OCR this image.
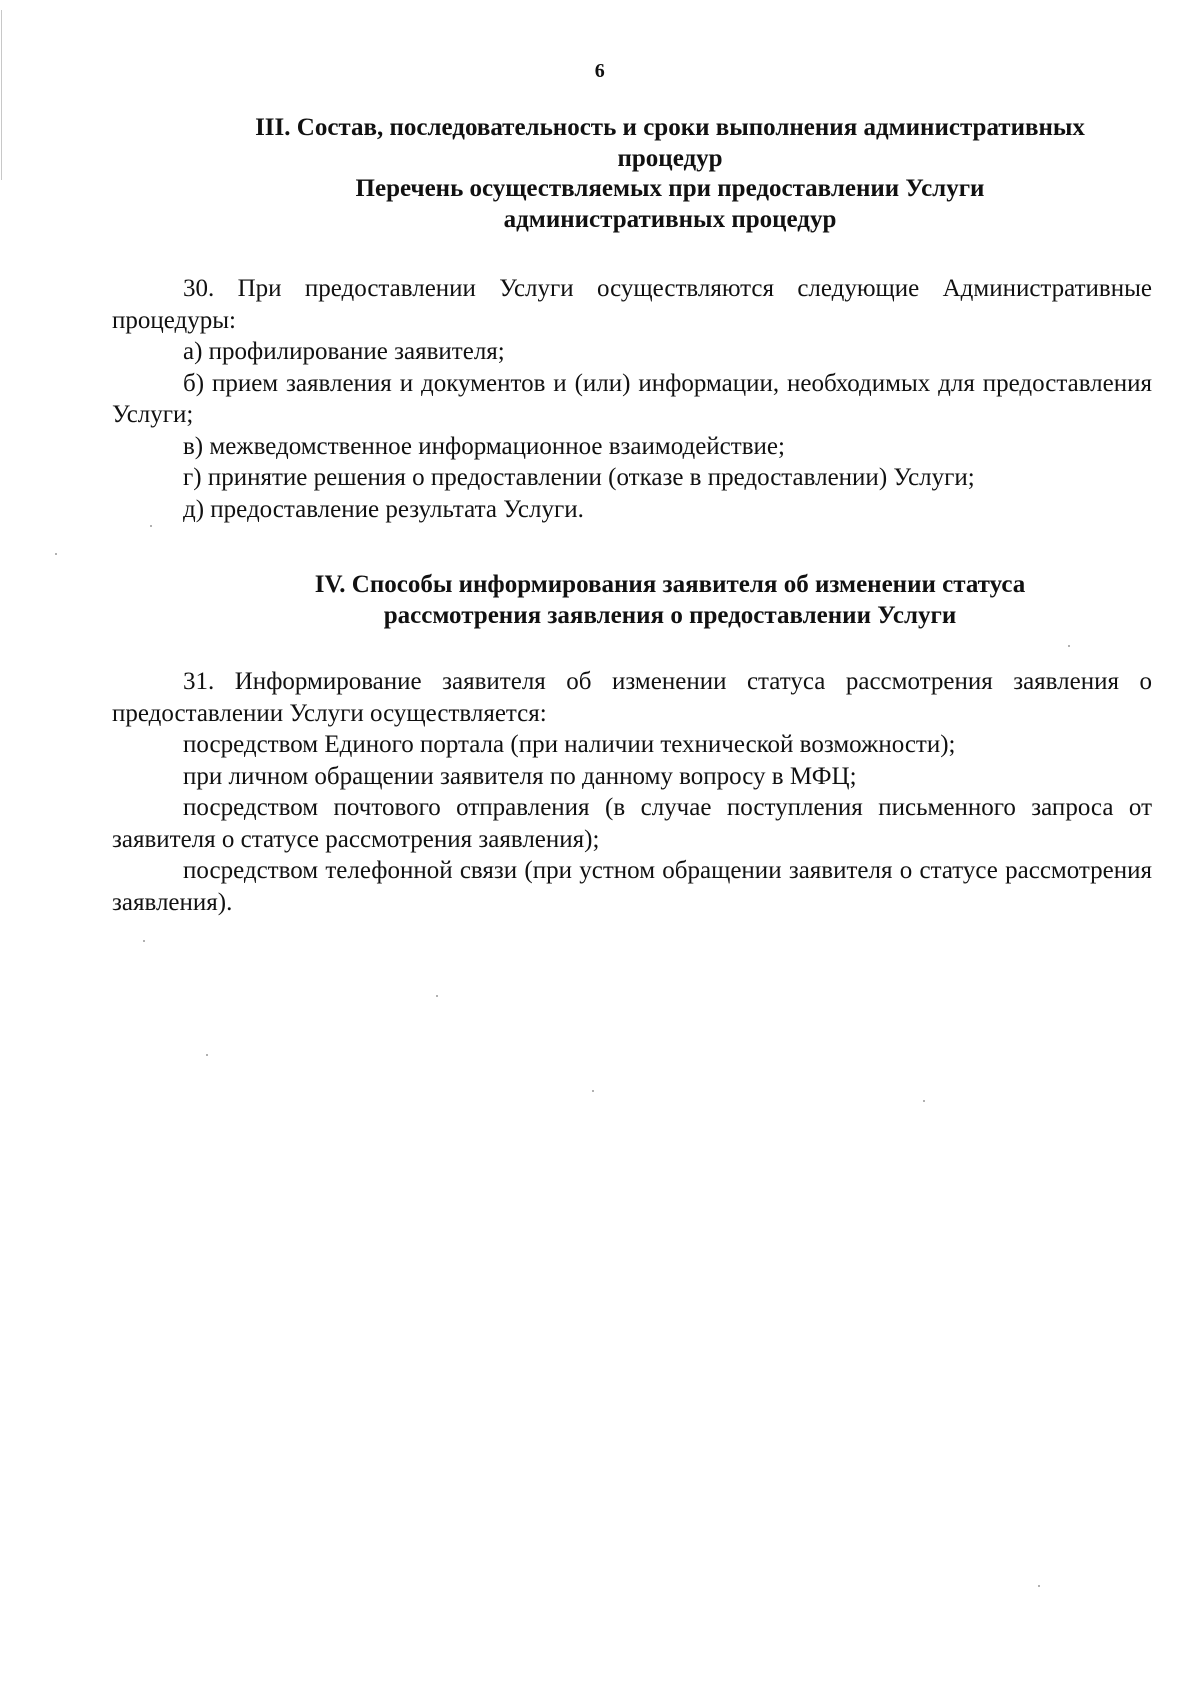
6
III. Состав, последовательность и сроки выполнения административных
процедур
Перечень осуществляемых при предоставлении Услуги
административных процедур

30. При предоставлении Услуги осуществляются следующие Административные процедуры:

а) профилирование заявителя;

б) прием заявления и документов и (или) информации, необходимых для предоставления Услуги;

в) межведомственное информационное взаимодействие;

г) принятие решения о предоставлении (отказе в предоставлении) Услуги;

д) предоставление результата Услуги.

IV. Способы информирования заявителя об изменении статуса
рассмотрения заявления о предоставлении Услуги

31. Информирование заявителя об изменении статуса рассмотрения заявления о предоставлении Услуги осуществляется:

посредством Единого портала (при наличии технической возможности);

при личном обращении заявителя по данному вопросу в МФЦ;

посредством почтового отправления (в случае поступления письменного запроса от заявителя о статусе рассмотрения заявления);

посредством телефонной связи (при устном обращении заявителя о статусе рассмотрения заявления).
